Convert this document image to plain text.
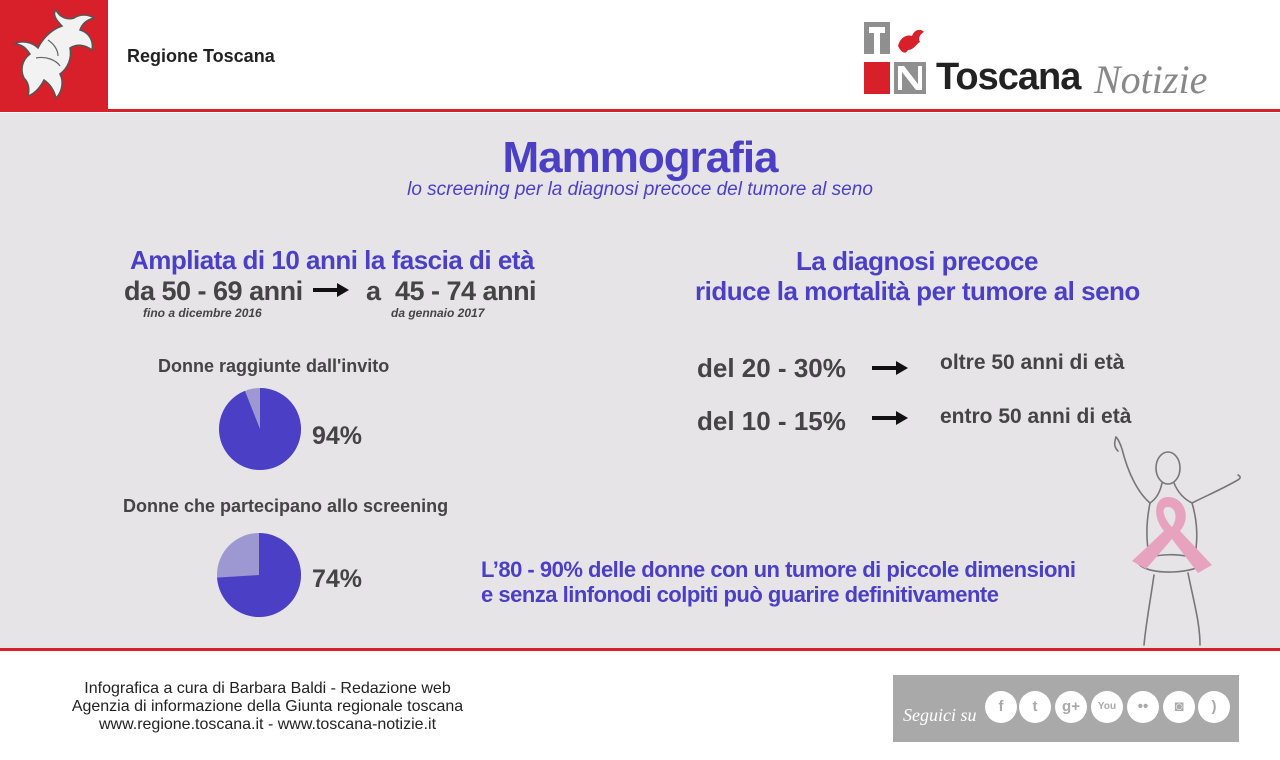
Regione Toscana	Toscana Notizie
Mammografia
lo screening per la diagnosi precoce del tumore al seno
Ampliata di 10 anni la fascia di età
da 50 - 69 anni
fino a dicembre 2016
a 45 - 74 anni
da gennaio 2017
Donne raggiunte dall'invito
94%
Donne che partecipano allo screening
74%
La diagnosi precoce
riduce la mortalità per tumore al seno
del 20 - 30%	oltre 50 anni di età
del 10 - 15%	entro 50 anni di età
L’80 - 90% delle donne con un tumore di piccole dimensioni
e senza linfonodi colpiti può guarire definitivamente
Infografica a cura di Barbara Baldi - Redazione web
Agenzia di informazione della Giunta regionale toscana
www.regione.toscana.it - www.toscana-notizie.it	Seguici su	f	t	g+	You	••	◙	)
